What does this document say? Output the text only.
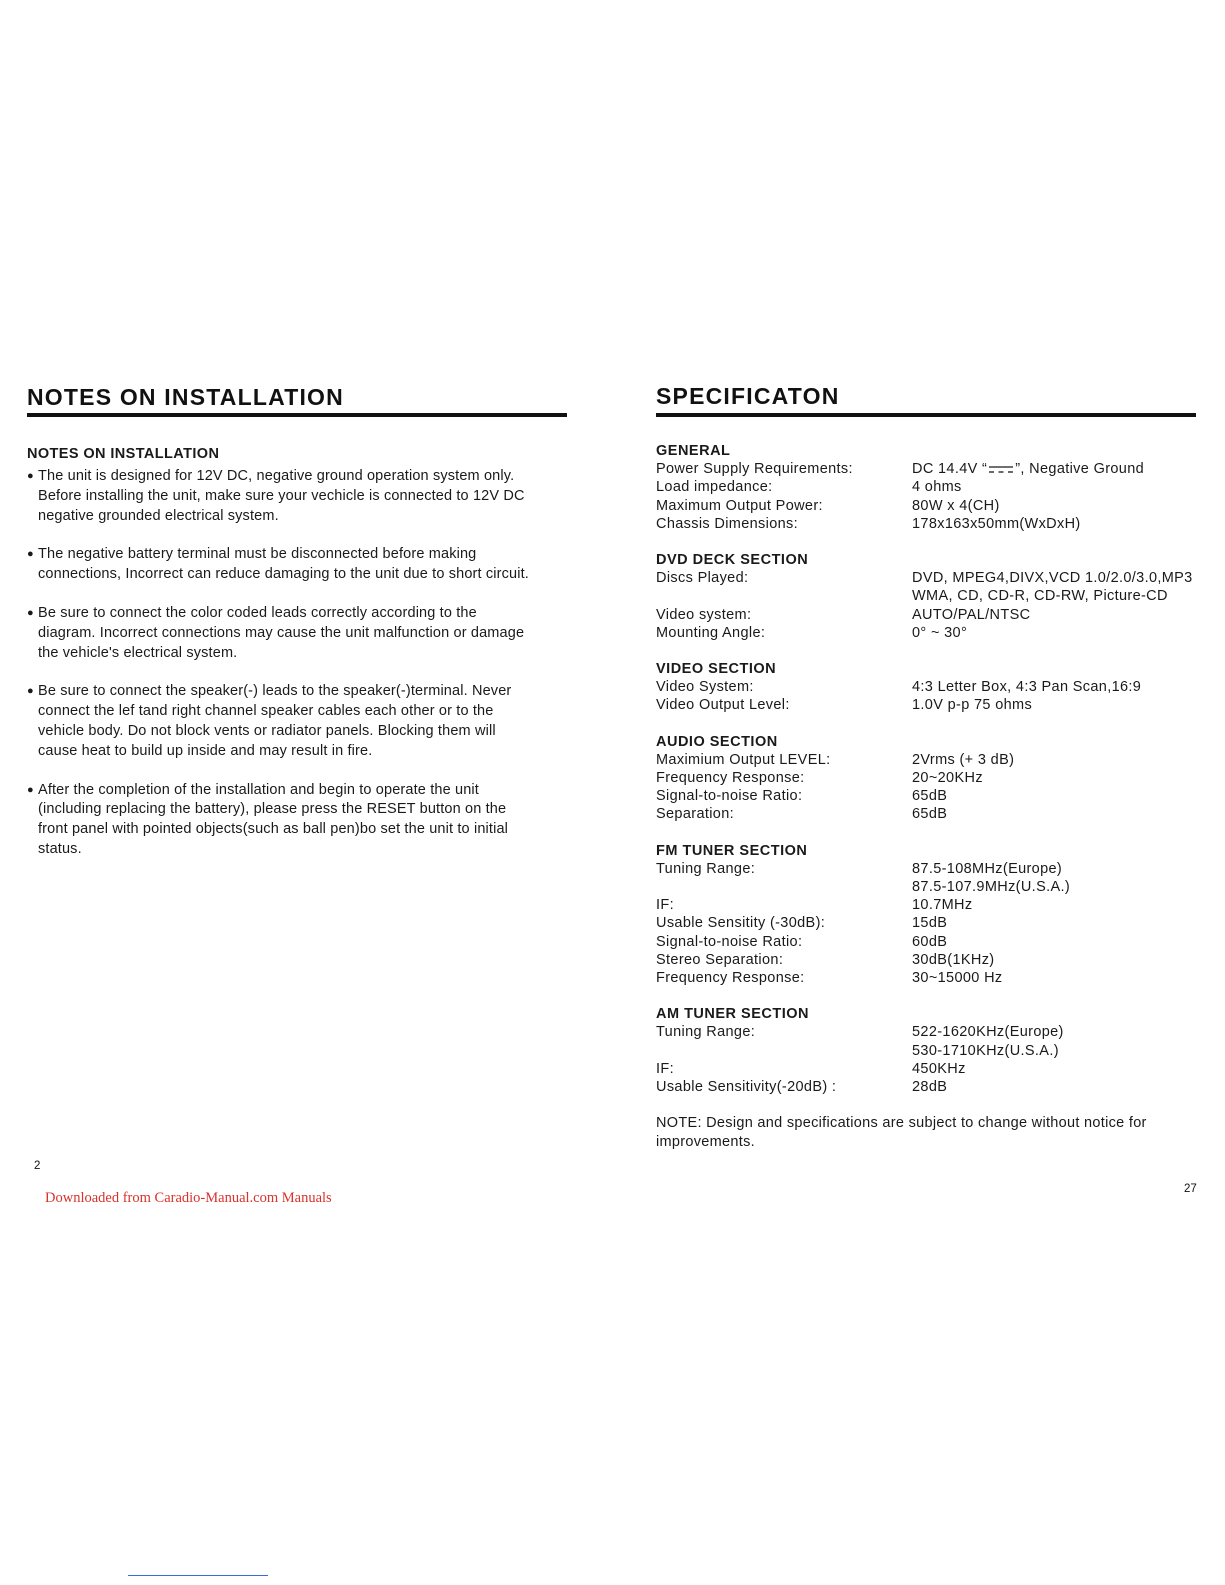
NOTES ON INSTALLATION
NOTES ON INSTALLATION
● The unit is designed for 12V DC, negative ground operation system only.
Before installing the unit, make sure your vechicle is connected to 12V DC
negative grounded electrical system.
● The negative battery terminal must be disconnected before making
connections, Incorrect can reduce damaging to the unit due to short circuit.
● Be sure to connect the color coded leads correctly according to the
diagram. Incorrect connections may cause the unit malfunction or damage
the vehicle's electrical system.
● Be sure to connect the speaker(-) leads to the speaker(-)terminal. Never
connect the lef tand right channel speaker cables each other or to the
vehicle body. Do not block vents or radiator panels. Blocking them will
cause heat to build up inside and may result in fire.
● After the completion of the installation and begin to operate the unit
(including replacing the battery), please press the RESET button on the
front panel with pointed objects(such as ball pen)bo set the unit to initial
status.
2
Downloaded from Caradio-Manual.com Manuals
SPECIFICATON
GENERAL
Power Supply Requirements:	DC 14.4V “ ”, Negative Ground
Load impedance:	4 ohms
Maximum Output Power:	80W x 4(CH)
Chassis Dimensions:	178x163x50mm(WxDxH)
DVD DECK SECTION
Discs Played:	DVD, MPEG4,DIVX,VCD 1.0/2.0/3.0,MP3
WMA, CD, CD-R, CD-RW, Picture-CD
Video system:	AUTO/PAL/NTSC
Mounting Angle:	0° ~ 30°
VIDEO SECTION
Video System:	4:3 Letter Box, 4:3 Pan Scan,16:9
Video Output Level:	1.0V p-p 75 ohms
AUDIO SECTION
Maximium Output LEVEL:	2Vrms (+ 3 dB)
Frequency Response:	20~20KHz
Signal-to-noise Ratio:	65dB
Separation:	65dB
FM TUNER SECTION
Tuning Range:	87.5-108MHz(Europe)
87.5-107.9MHz(U.S.A.)
IF:	10.7MHz
Usable Sensitity (-30dB):	15dB
Signal-to-noise Ratio:	60dB
Stereo Separation:	30dB(1KHz)
Frequency Response:	30~15000 Hz
AM TUNER SECTION
Tuning Range:	522-1620KHz(Europe)
530-1710KHz(U.S.A.)
IF:	450KHz
Usable Sensitivity(-20dB) :	28dB
NOTE: Design and specifications are subject to change without notice for improvements.
27
